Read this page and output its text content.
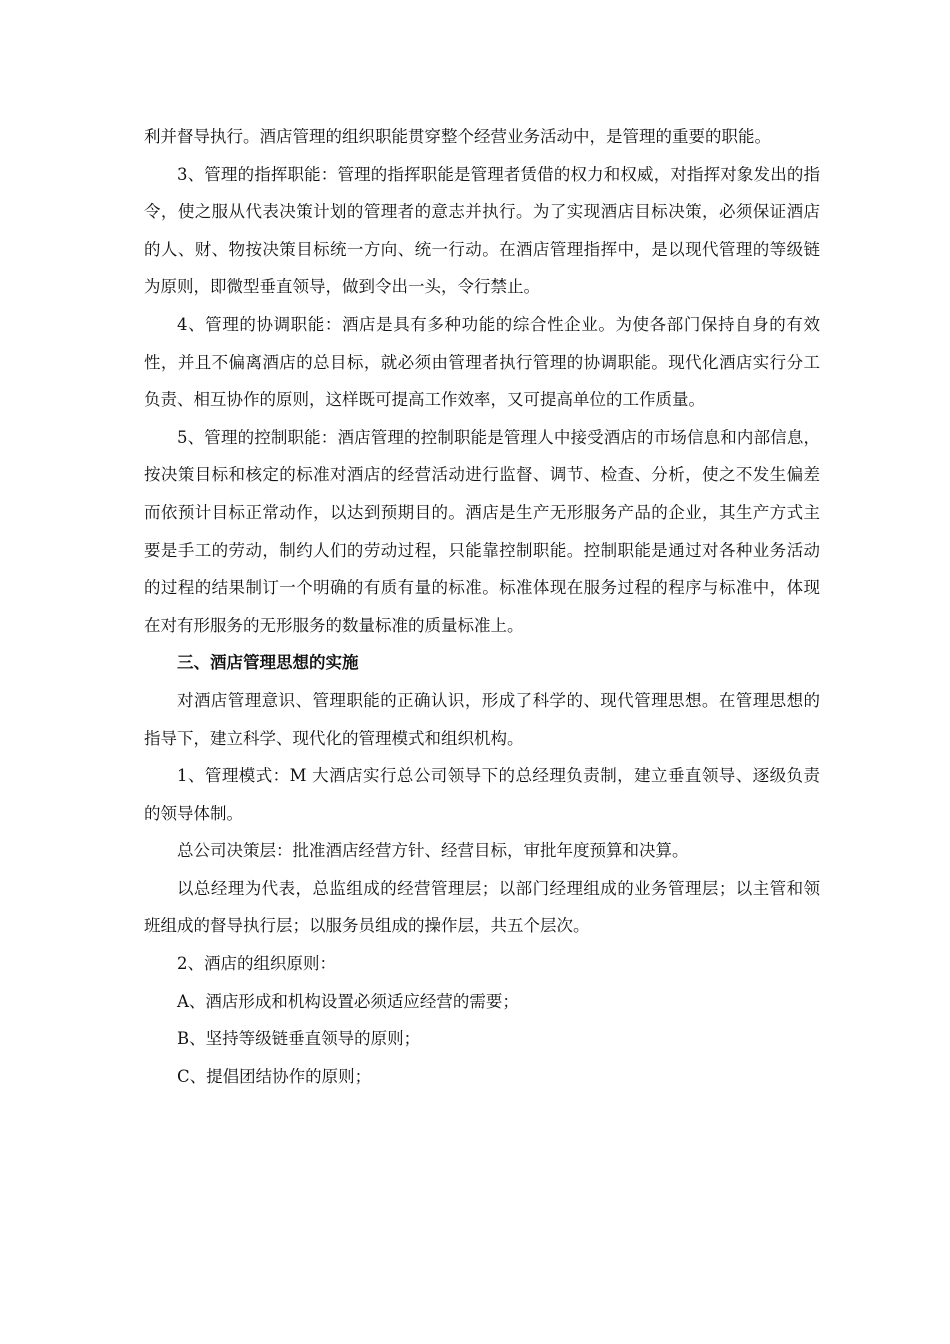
利并督导执行。酒店管理的组织职能贯穿整个经营业务活动中，是管理的重要的职能。

3、管理的指挥职能：管理的指挥职能是管理者赁借的权力和权威，对指挥对象发出的指令，使之服从代表决策计划的管理者的意志并执行。为了实现酒店目标决策，必须保证酒店的人、财、物按决策目标统一方向、统一行动。在酒店管理指挥中，是以现代管理的等级链为原则，即微型垂直领导，做到令出一头，令行禁止。

4、管理的协调职能：酒店是具有多种功能的综合性企业。为使各部门保持自身的有效性，并且不偏离酒店的总目标，就必须由管理者执行管理的协调职能。现代化酒店实行分工负责、相互协作的原则，这样既可提高工作效率，又可提高单位的工作质量。

5、管理的控制职能：酒店管理的控制职能是管理人中接受酒店的市场信息和内部信息，按决策目标和核定的标准对酒店的经营活动进行监督、调节、检查、分析，使之不发生偏差而依预计目标正常动作，以达到预期目的。酒店是生产无形服务产品的企业，其生产方式主要是手工的劳动，制约人们的劳动过程，只能靠控制职能。控制职能是通过对各种业务活动的过程的结果制订一个明确的有质有量的标准。标准体现在服务过程的程序与标准中，体现在对有形服务的无形服务的数量标准的质量标准上。

三、酒店管理思想的实施

对酒店管理意识、管理职能的正确认识，形成了科学的、现代管理思想。在管理思想的指导下，建立科学、现代化的管理模式和组织机构。

1、管理模式：M 大酒店实行总公司领导下的总经理负责制，建立垂直领导、逐级负责的领导体制。

总公司决策层：批准酒店经营方针、经营目标，审批年度预算和决算。

以总经理为代表，总监组成的经营管理层；以部门经理组成的业务管理层；以主管和领班组成的督导执行层；以服务员组成的操作层，共五个层次。

2、酒店的组织原则：

A、酒店形成和机构设置必须适应经营的需要；

B、坚持等级链垂直领导的原则；

C、提倡团结协作的原则；
